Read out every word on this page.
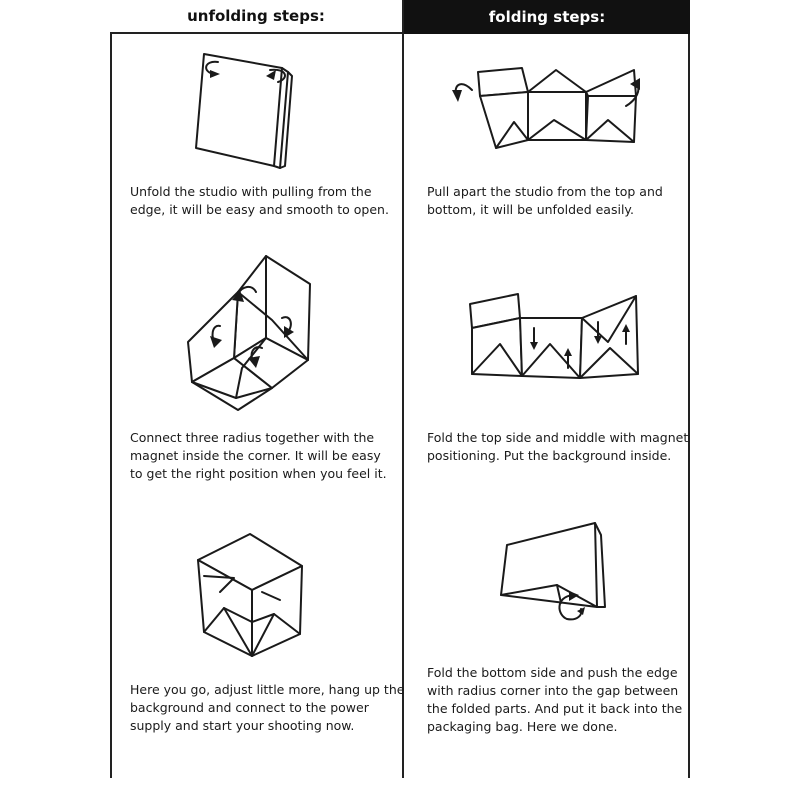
unfolding steps:	folding steps:
Unfold the studio with pulling from the
edge, it will be easy and smooth to open.
Connect three radius together with the
magnet inside the corner. It will be easy
to get the right position when you feel it.
Here you go, adjust little more, hang up the
background and connect to the power
supply and start your shooting now.
Pull apart the studio from the top and
bottom, it will be unfolded easily.
Fold the top side and middle with magnet
positioning. Put the background inside.
Fold the bottom side and push the edge
with radius corner into the gap between
the folded parts. And put it back into the
packaging bag. Here we done.
